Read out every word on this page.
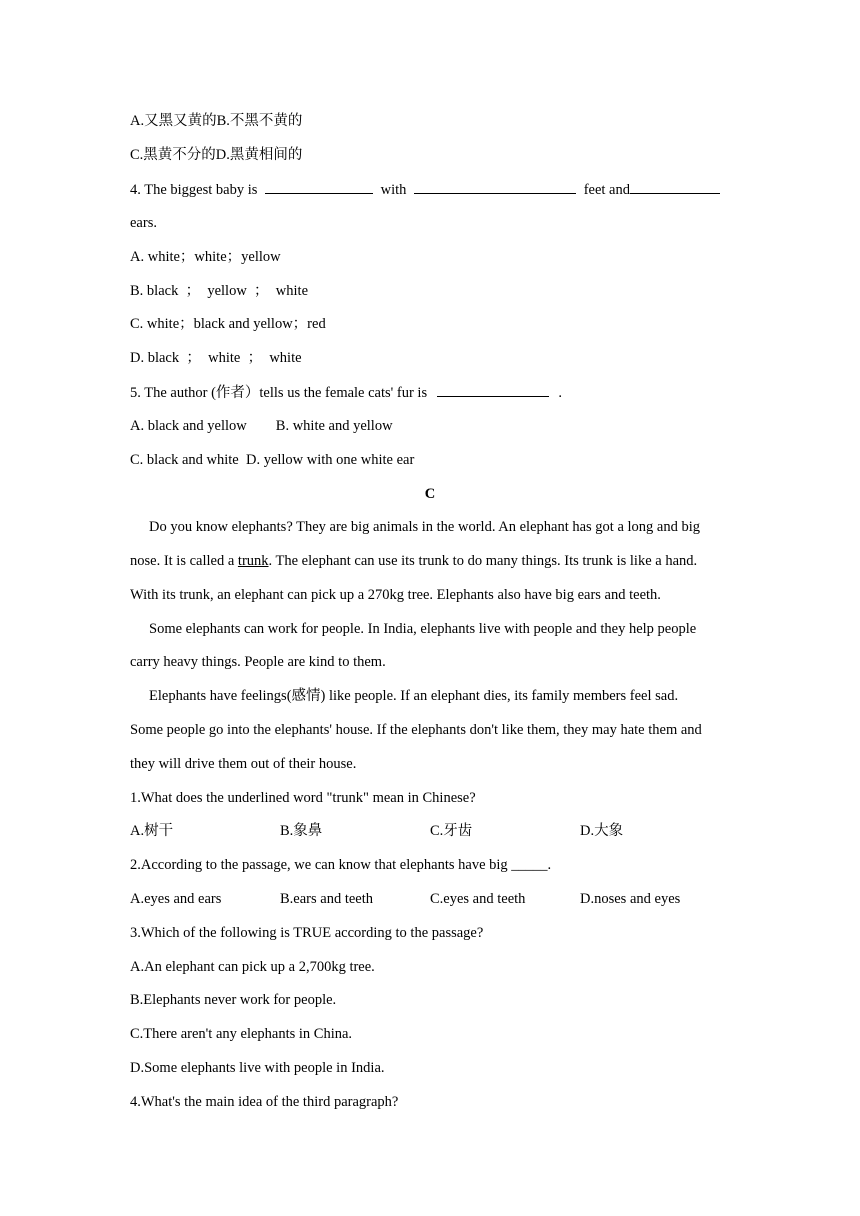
A.又黑又黄的B.不黑不黄的
C.黑黄不分的D.黑黄相间的
4. The biggest baby is	with	feet and
ears.
A. white；white；yellow
B. black  ；  yellow  ；  white
C. white；black and yellow；red
D. black  ；  white  ；  white
5. The author (作者）tells us the female cats' fur is	.
A. black and yellow        B. white and yellow
C. black and white  D. yellow with one white ear
C
Do you know elephants? They are big animals in the world. An elephant has got a long and big
nose. It is called a trunk. The elephant can use its trunk to do many things. Its trunk is like a hand.
With its trunk, an elephant can pick up a 270kg tree. Elephants also have big ears and teeth.
Some elephants can work for people. In India, elephants live with people and they help people
carry heavy things. People are kind to them.
Elephants have feelings(感情) like people. If an elephant dies, its family members feel sad.
Some people go into the elephants' house. If the elephants don't like them, they may hate them and
they will drive them out of their house.
1.What does the underlined word "trunk" mean in Chinese?
A.树干	B.象鼻	C.牙齿	D.大象
2.According to the passage, we can know that elephants have big _____.
A.eyes and ears	B.ears and teeth	C.eyes and teeth	D.noses and eyes
3.Which of the following is TRUE according to the passage?
A.An elephant can pick up a 2,700kg tree.
B.Elephants never work for people.
C.There aren't any elephants in China.
D.Some elephants live with people in India.
4.What's the main idea of the third paragraph?
